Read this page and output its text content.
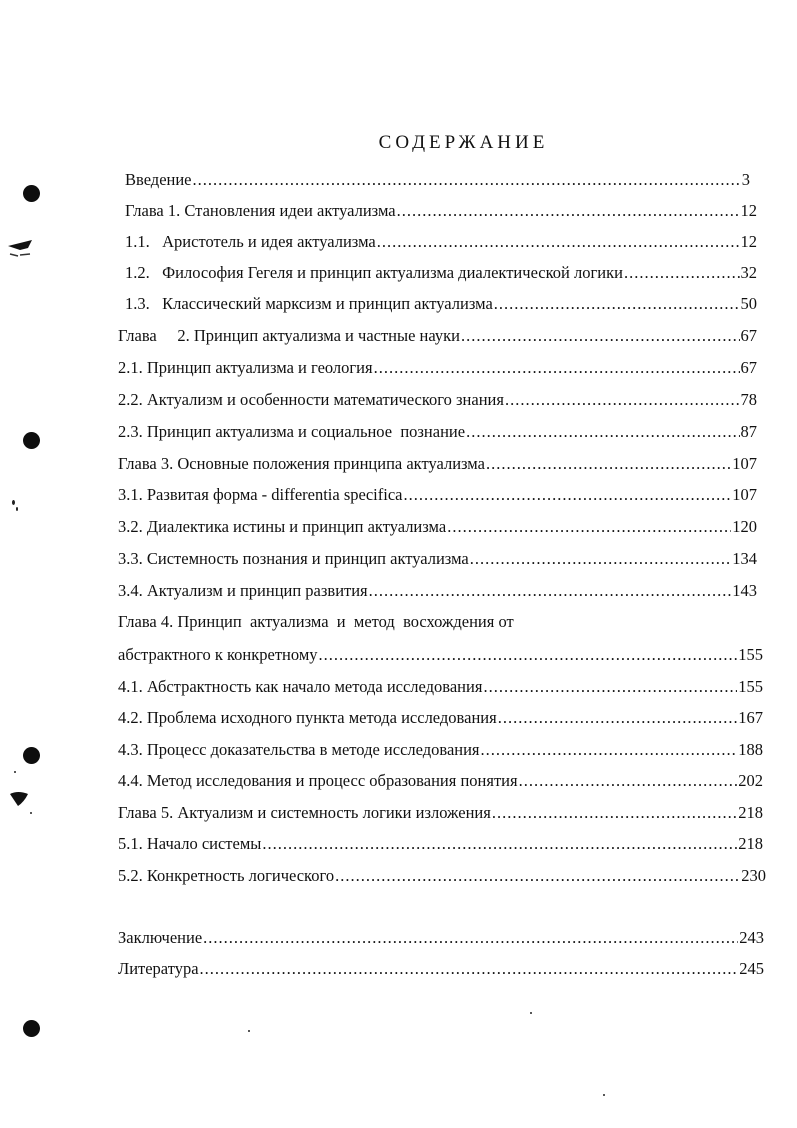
СОДЕРЖАНИЕ
Введение .....	3
Глава 1. Становления идеи актуализма .....	12
1.1.   Аристотель и идея актуализма .....	12
1.2.   Философия Гегеля и принцип актуализма диалектической логики .....	32
1.3.   Классический марксизм и принцип актуализма .....	50
Глава     2. Принцип актуализма и частные науки .....	67
2.1. Принцип актуализма и геология .....	67
2.2. Актуализм и особенности математического знания .....	78
2.3. Принцип актуализма и социальное  познание .....	87
Глава 3. Основные положения принципа актуализма .....	107
3.1. Развитая форма - differentia specifica .....	107
3.2. Диалектика истины и принцип актуализма .....	120
3.3. Системность познания и принцип актуализма .....	134
3.4. Актуализм и принцип развития .....	143
Глава 4. Принцип  актуализма  и  метод  восхождения от
абстрактного к конкретному .....	155
4.1. Абстрактность как начало метода исследования .....	155
4.2. Проблема исходного пункта метода исследования .....	167
4.3. Процесс доказательства в методе исследования .....	188
4.4. Метод исследования и процесс образования понятия .....	202
Глава 5. Актуализм и системность логики изложения .....	218
5.1. Начало системы .....	218
5.2. Конкретность логического .....	230
Заключение .....	243
Литература .....	245
